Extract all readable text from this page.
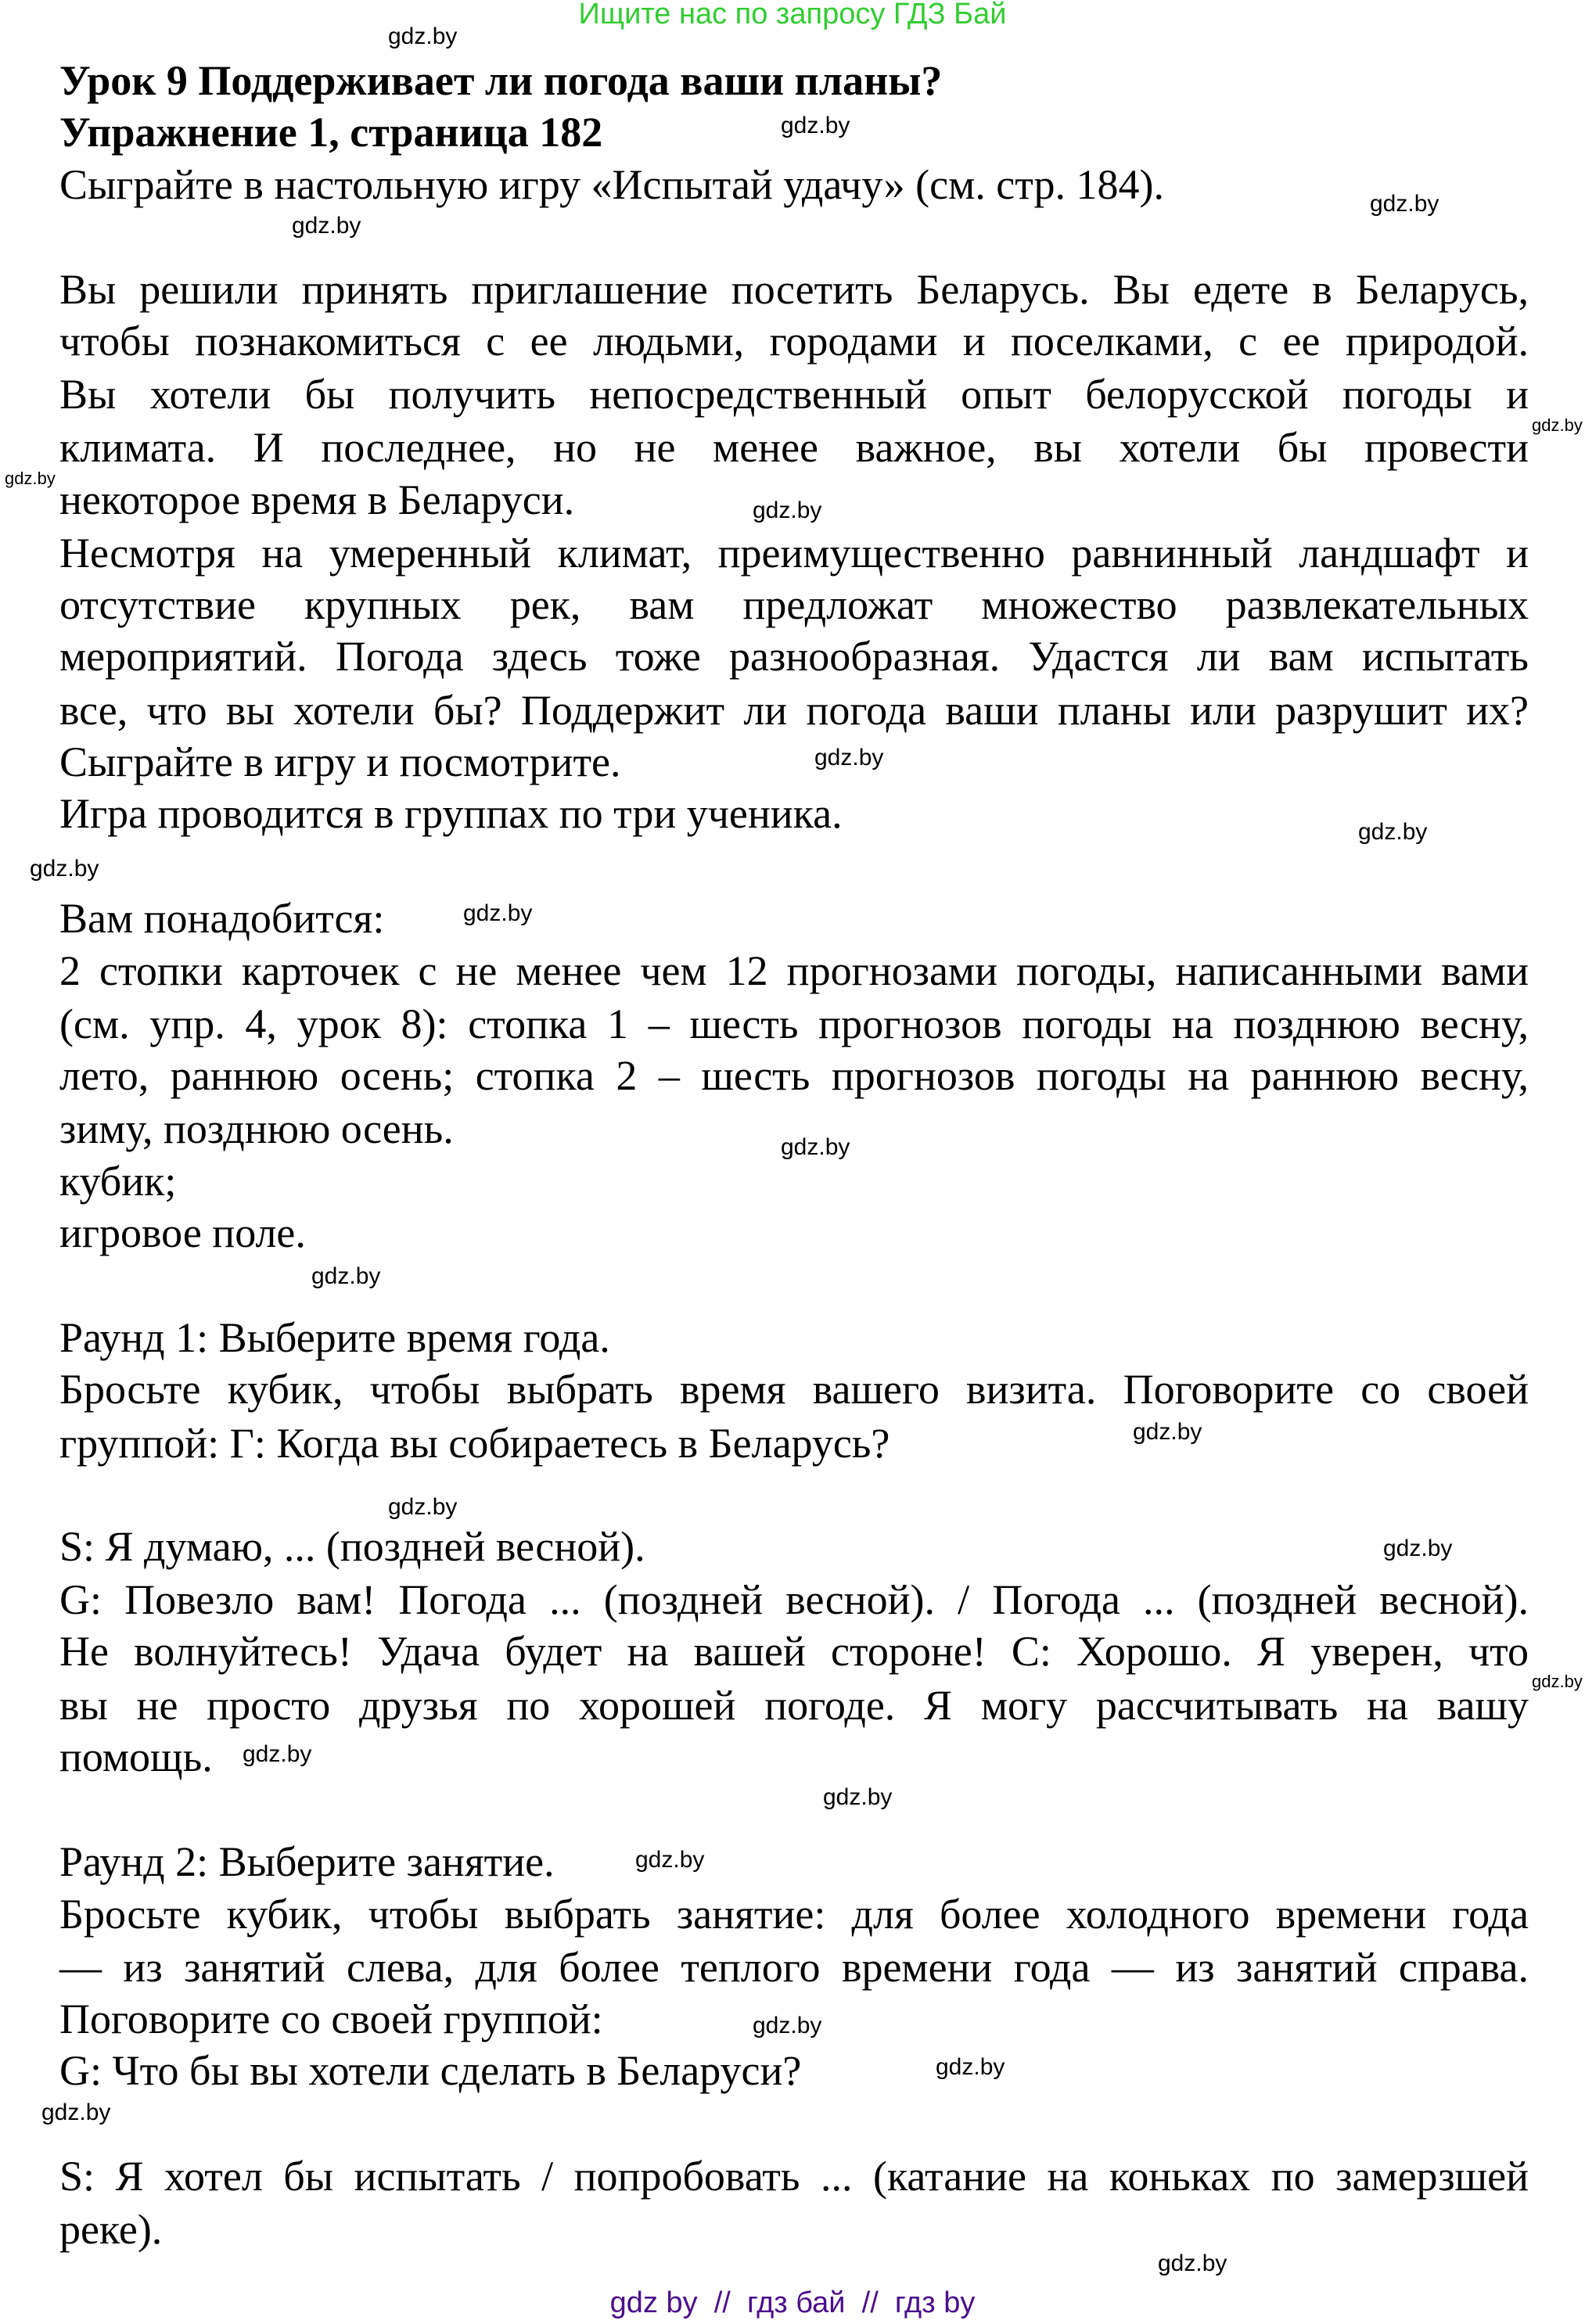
Ищите нас по запросу ГДЗ Бай
Урок 9 Поддерживает ли погода ваши планы?
Упражнение 1, страница 182
Сыграйте в настольную игру «Испытай удачу» (см. стр. 184).
Вы решили принять приглашение посетить Беларусь. Вы едете в Беларусь,
чтобы познакомиться с ее людьми, городами и поселками, с ее природой.
Вы хотели бы получить непосредственный опыт белорусской погоды и
климата. И последнее, но не менее важное, вы хотели бы провести
некоторое время в Беларуси.
Несмотря на умеренный климат, преимущественно равнинный ландшафт и
отсутствие крупных рек, вам предложат множество развлекательных
мероприятий. Погода здесь тоже разнообразная. Удастся ли вам испытать
все, что вы хотели бы? Поддержит ли погода ваши планы или разрушит их?
Сыграйте в игру и посмотрите.
Игра проводится в группах по три ученика.
Вам понадобится:
2 стопки карточек с не менее чем 12 прогнозами погоды, написанными вами
(см. упр. 4, урок 8): стопка 1 – шесть прогнозов погоды на позднюю весну,
лето, раннюю осень; стопка 2 – шесть прогнозов погоды на раннюю весну,
зиму, позднюю осень.
кубик;
игровое поле.
Раунд 1: Выберите время года.
Бросьте кубик, чтобы выбрать время вашего визита. Поговорите со своей
группой: Г: Когда вы собираетесь в Беларусь?
S: Я думаю, ... (поздней весной).
G: Повезло вам! Погода ... (поздней весной). / Погода ... (поздней весной).
Не волнуйтесь! Удача будет на вашей стороне! С: Хорошо. Я уверен, что
вы не просто друзья по хорошей погоде. Я могу рассчитывать на вашу
помощь.
Раунд 2: Выберите занятие.
Бросьте кубик, чтобы выбрать занятие: для более холодного времени года
— из занятий слева, для более теплого времени года — из занятий справа.
Поговорите со своей группой:
G: Что бы вы хотели сделать в Беларуси?
S: Я хотел бы испытать / попробовать ... (катание на коньках по замерзшей
реке).
gdz.by
gdz.by
gdz.by
gdz.by
gdz.by
gdz.by
gdz.by
gdz.by
gdz.by
gdz.by
gdz.by
gdz.by
gdz.by
gdz.by
gdz.by
gdz.by
gdz.by
gdz.by
gdz.by
gdz.by
gdz.by
gdz.by
gdz.by
gdz.by
gdz by  //  гдз бай  //  гдз by
